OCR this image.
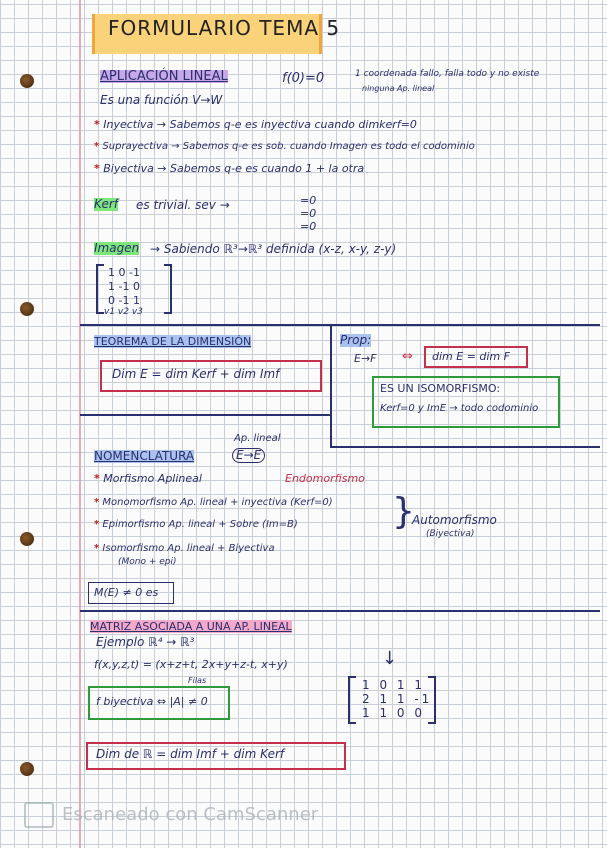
FORMULARIO TEMA 5
APLICACIÓN LINEAL	f(0)=0	1 coordenada fallo, falla todo y no existe
ninguna Ap. lineal
Es una función V→W
* Inyectiva → Sabemos q-e es inyectiva cuando dimkerf=0
* Suprayectiva → Sabemos q-e es sob. cuando Imagen es todo el codominio
* Biyectiva → Sabemos q-e es cuando 1 + la otra
Kerf es trivial. sev →	=0
=0
=0
Imagen → Sabiendo ℝ³→ℝ³ definida (x-z, x-y, z-y)
1 0 -1
1 -1 0
0 -1 1
v1 v2 v3
TEOREMA DE LA DIMENSIÓN
Dim E = dim Kerf + dim Imf
Prop:
E→F ⇔ dim E = dim F
ES UN ISOMORFISMO:
Kerf=0 y ImE → todo codominio
Ap. lineal
NOMENCLATURA	E→E
Endomorfismo
* Morfismo Aplineal
* Monomorfismo Ap. lineal + inyectiva (Kerf=0)
* Epimorfismo Ap. lineal + Sobre (Im=B)
* Isomorfismo Ap. lineal + Biyectiva
(Mono + epi)
}
Automorfismo
(Biyectiva)
M(E) ≠ 0 es
MATRIZ ASOCIADA A UNA AP. LINEAL
Ejemplo ℝ⁴ → ℝ³
f(x,y,z,t) = (x+z+t, 2x+y+z-t, x+y)
Filas
↓
1 0 1 1
2 1 1 -1
1 1 0 0
f biyectiva ⇔ |A| ≠ 0
Dim de ℝ = dim Imf + dim Kerf
Escaneado con CamScanner
